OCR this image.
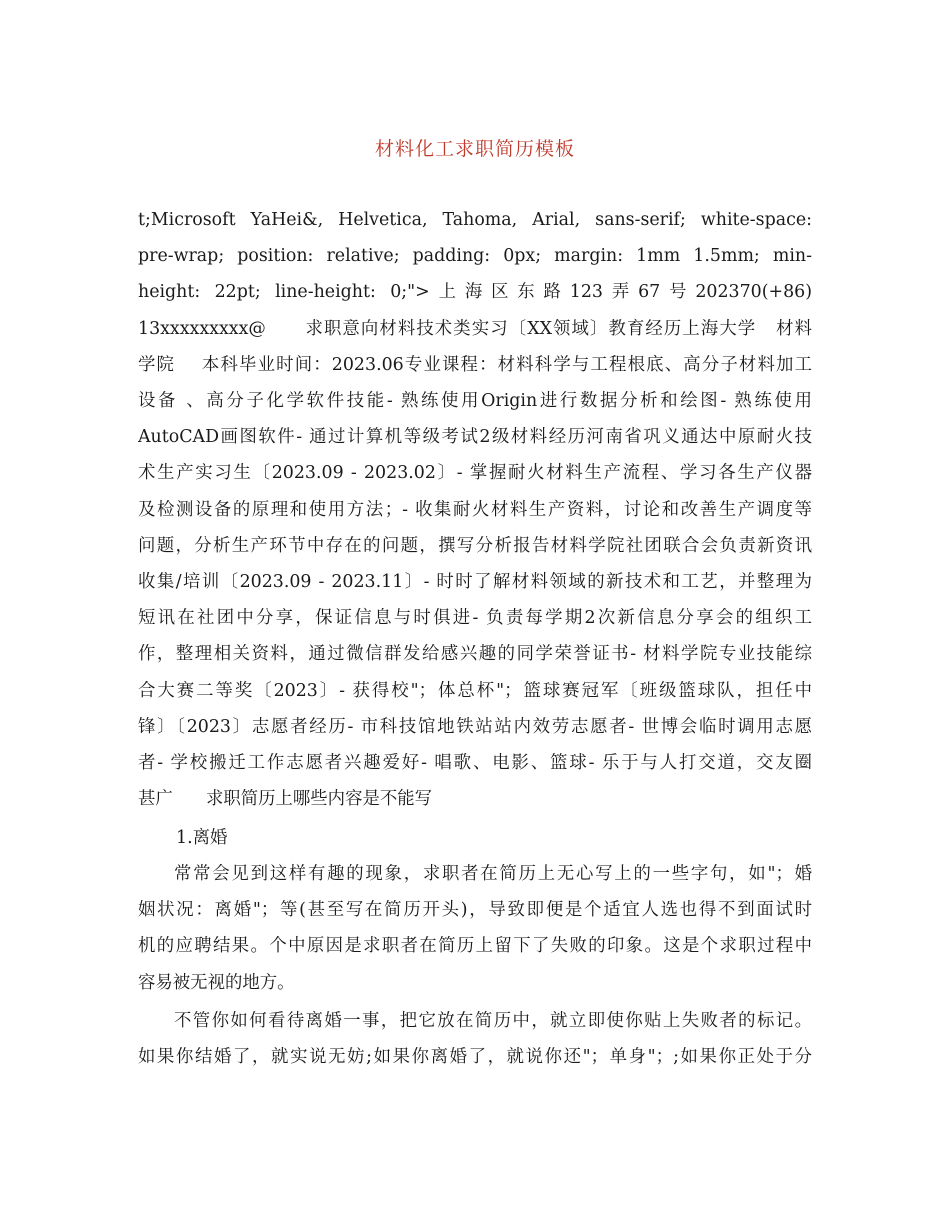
材料化工求职简历模板
t;Microsoft YaHei&, Helvetica, Tahoma, Arial, sans-serif; white-space:
pre-wrap; position: relative; padding: 0px; margin: 1mm 1.5mm; min-
height: 22pt; line-height: 0;">上海区东路123弄67号202370(+86)
13xxxxxxxxx@      求职意向材料技术类实习〔XX领域〕教育经历上海大学   材料
学院    本科毕业时间：2023.06专业课程：材料科学与工程根底、高分子材料加工
设备 、高分子化学软件技能- 熟练使用Origin进行数据分析和绘图- 熟练使用
AutoCAD画图软件- 通过计算机等级考试2级材料经历河南省巩义通达中原耐火技
术生产实习生〔2023.09 - 2023.02〕- 掌握耐火材料生产流程、学习各生产仪器
及检测设备的原理和使用方法；- 收集耐火材料生产资料，讨论和改善生产调度等
问题，分析生产环节中存在的问题，撰写分析报告材料学院社团联合会负责新资讯
收集/培训〔2023.09 - 2023.11〕- 时时了解材料领域的新技术和工艺，并整理为
短讯在社团中分享，保证信息与时俱进- 负责每学期2次新信息分享会的组织工
作，整理相关资料，通过微信群发给感兴趣的同学荣誉证书- 材料学院专业技能综
合大赛二等奖〔2023〕- 获得校"；体总杯"；篮球赛冠军〔班级篮球队，担任中
锋〕〔2023〕志愿者经历- 市科技馆地铁站站内效劳志愿者- 世博会临时调用志愿
者- 学校搬迁工作志愿者兴趣爱好- 唱歌、电影、篮球- 乐于与人打交道，交友圈
甚广      求职简历上哪些内容是不能写

1.离婚

常常会见到这样有趣的现象，求职者在简历上无心写上的一些字句，如"；婚
姻状况：离婚"；等(甚至写在简历开头)，导致即便是个适宜人选也得不到面试时
机的应聘结果。个中原因是求职者在简历上留下了失败的印象。这是个求职过程中
容易被无视的地方。
不管你如何看待离婚一事，把它放在简历中，就立即使你贴上失败者的标记。
如果你结婚了，就实说无妨;如果你离婚了，就说你还"；单身"；;如果你正处于分
